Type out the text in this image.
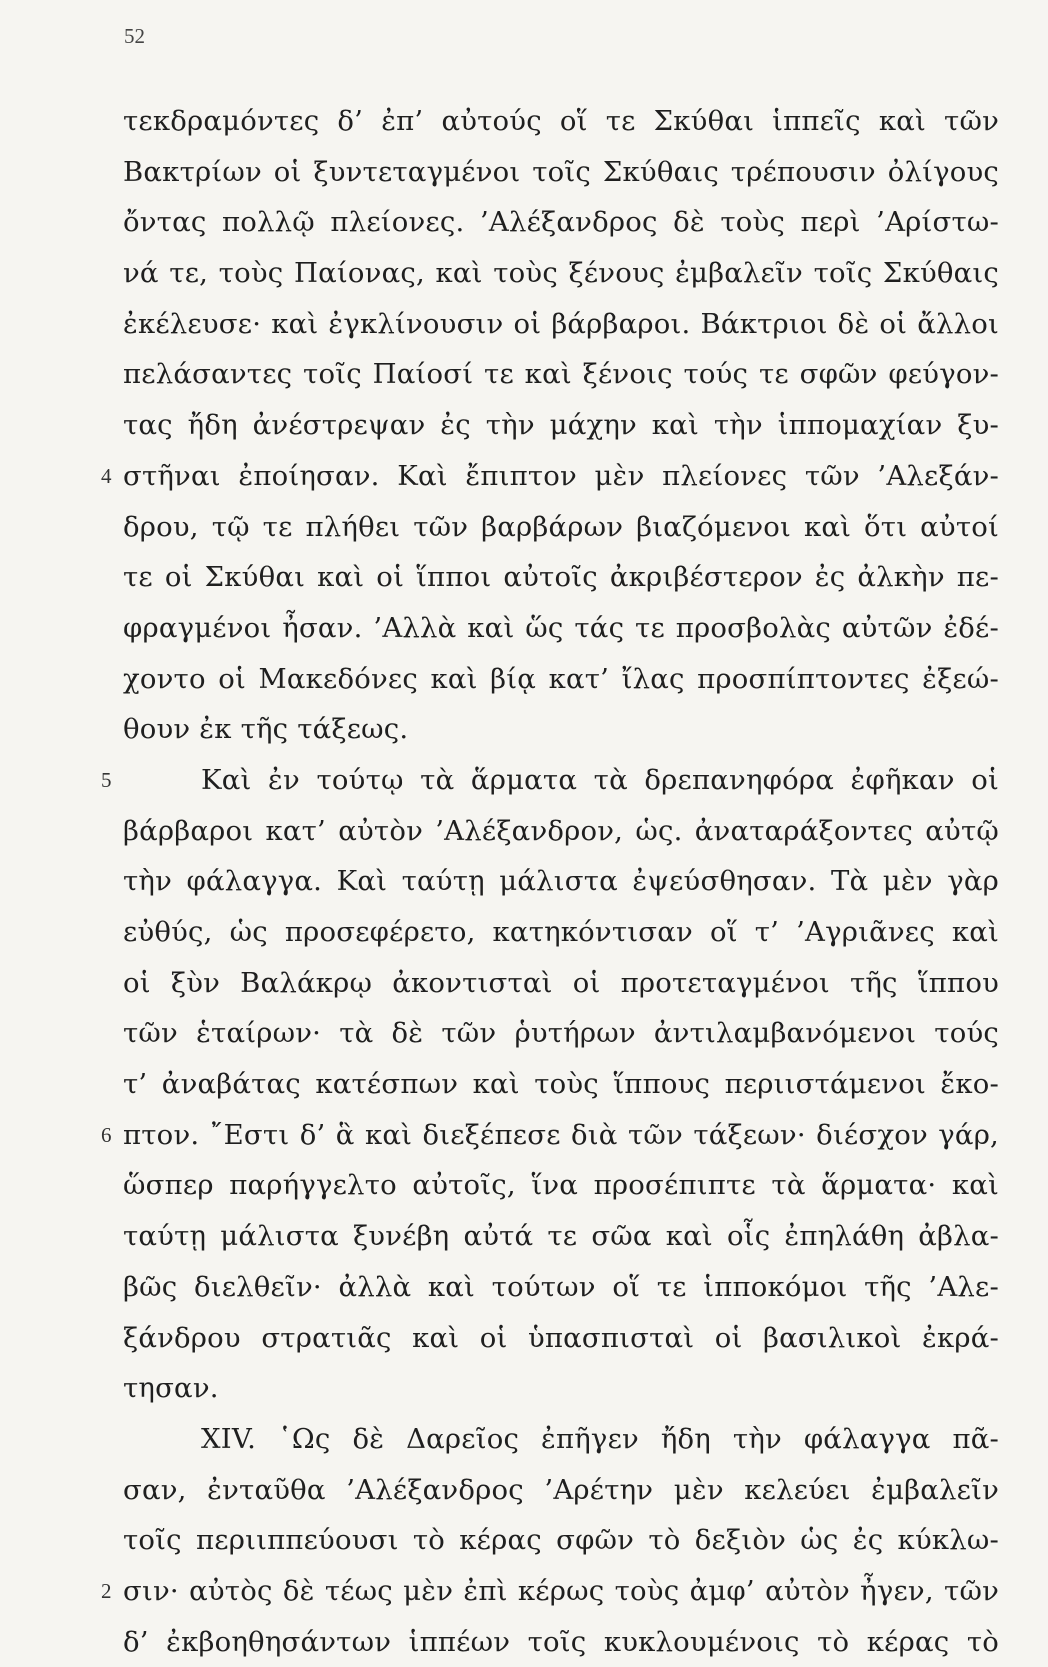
52
τεκδραμόντες δ’ ἐπ’ αὐτούς οἵ τε Σκύθαι ἱππεῖς καὶ τῶν
Βακτρίων οἱ ξυντεταγμένοι τοῖς Σκύθαις τρέπουσιν ὀλίγους
ὄντας πολλῷ πλείονες. ’Αλέξανδρος δὲ τοὺς περὶ ’Αρίστω-
νά τε, τοὺς Παίονας, καὶ τοὺς ξένους ἐμβαλεῖν τοῖς Σκύθαις
ἐκέλευσε· καὶ ἐγκλίνουσιν οἱ βάρβαροι. Βάκτριοι δὲ οἱ ἄλλοι
πελάσαντες τοῖς Παίοσί τε καὶ ξένοις τούς τε σφῶν φεύγον-
τας ἤδη ἀνέστρεψαν ἐς τὴν μάχην καὶ τὴν ἱππομαχίαν ξυ-
4 στῆναι ἐποίησαν. Καὶ ἔπιπτον μὲν πλείονες τῶν ’Αλεξάν-
δρου, τῷ τε πλήθει τῶν βαρβάρων βιαζόμενοι καὶ ὅτι αὐτοί
τε οἱ Σκύθαι καὶ οἱ ἵπποι αὐτοῖς ἀκριβέστερον ἐς ἀλκὴν πε-
φραγμένοι ἦσαν. ’Αλλὰ καὶ ὥς τάς τε προσβολὰς αὐτῶν ἐδέ-
χοντο οἱ Μακεδόνες καὶ βίᾳ κατ’ ἴλας προσπίπτοντες ἐξεώ-
θουν ἐκ τῆς τάξεως.
5	Καὶ ἐν τούτῳ τὰ ἅρματα τὰ δρεπανηφόρα ἐφῆκαν οἱ
βάρβαροι κατ’ αὐτὸν ’Αλέξανδρον, ὡς. ἀναταράξοντες αὐτῷ
τὴν φάλαγγα. Καὶ ταύτῃ μάλιστα ἐψεύσθησαν. Τὰ μὲν γὰρ
εὐθύς, ὡς προσεφέρετο, κατηκόντισαν οἵ τ’ ’Αγριᾶνες καὶ
οἱ ξὺν Βαλάκρῳ ἀκοντισταὶ οἱ προτεταγμένοι τῆς ἵππου
τῶν ἑταίρων· τὰ δὲ τῶν ῥυτήρων ἀντιλαμβανόμενοι τούς
τ’ ἀναβάτας κατέσπων καὶ τοὺς ἵππους περιιστάμενοι ἔκο-
6 πτον. ῎Εστι δ’ ἃ καὶ διεξέπεσε διὰ τῶν τάξεων· διέσχον γάρ,
ὥσπερ παρήγγελτο αὐτοῖς, ἵνα προσέπιπτε τὰ ἅρματα· καὶ
ταύτῃ μάλιστα ξυνέβη αὐτά τε σῶα καὶ οἷς ἐπηλάθη ἀβλα-
βῶς διελθεῖν· ἀλλὰ καὶ τούτων οἵ τε ἱπποκόμοι τῆς ’Αλε-
ξάνδρου στρατιᾶς καὶ οἱ ὑπασπισταὶ οἱ βασιλικοὶ ἐκρά-
τησαν.
XIV. ῾Ως δὲ Δαρεῖος ἐπῆγεν ἤδη τὴν φάλαγγα πᾶ-
σαν, ἐνταῦθα ’Αλέξανδρος ’Αρέτην μὲν κελεύει ἐμβαλεῖν
τοῖς περιιππεύουσι τὸ κέρας σφῶν τὸ δεξιὸν ὡς ἐς κύκλω-
2 σιν· αὐτὸς δὲ τέως μὲν ἐπὶ κέρως τοὺς ἀμφ’ αὐτὸν ἦγεν, τῶν
δ’ ἐκβοηθησάντων ἱππέων τοῖς κυκλουμένοις τὸ κέρας τὸ
